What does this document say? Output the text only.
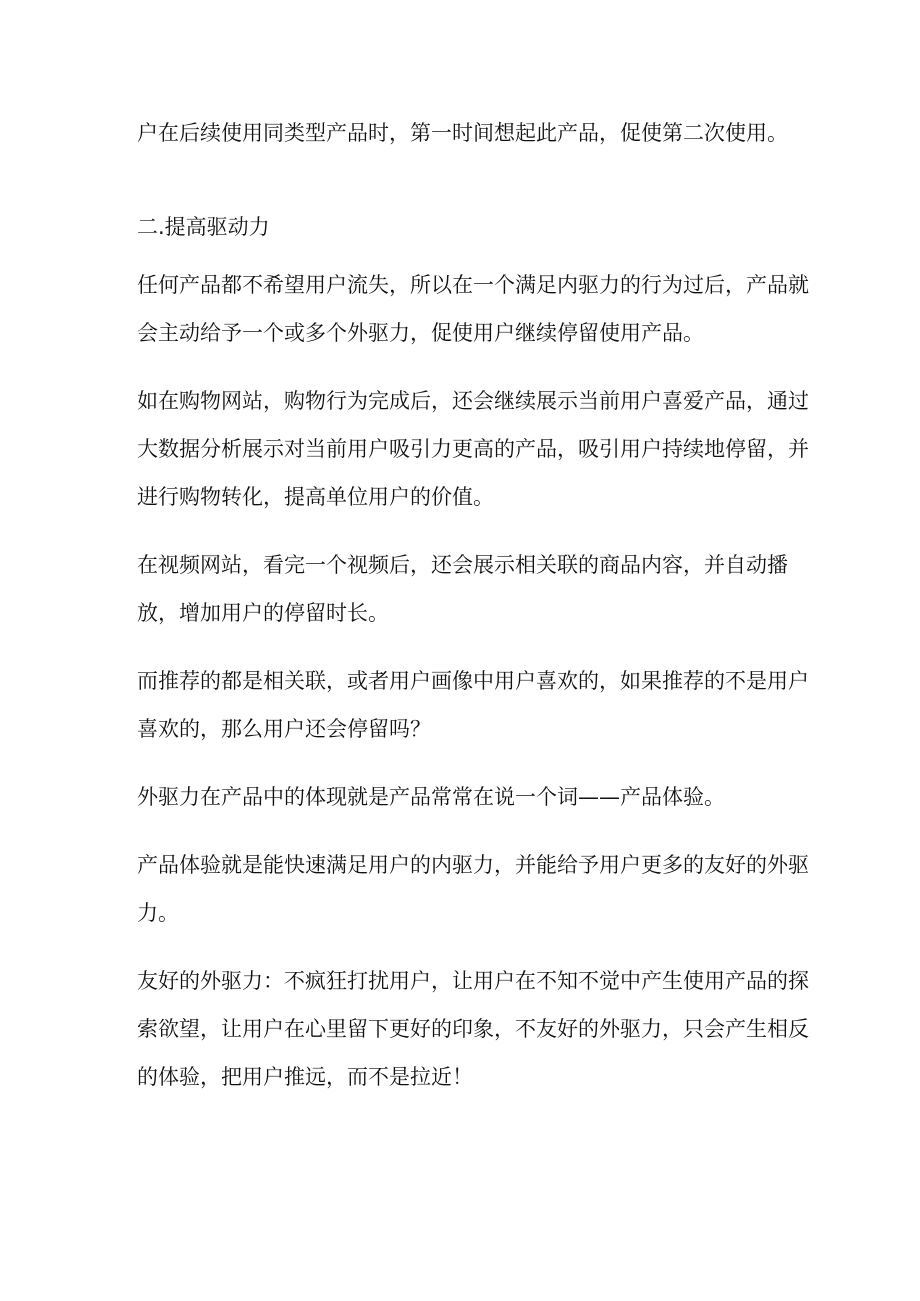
户在后续使用同类型产品时，第一时间想起此产品，促使第二次使用。
二.提高驱动力
任何产品都不希望用户流失，所以在一个满足内驱力的行为过后，产品就
会主动给予一个或多个外驱力，促使用户继续停留使用产品。
如在购物网站，购物行为完成后，还会继续展示当前用户喜爱产品，通过
大数据分析展示对当前用户吸引力更高的产品，吸引用户持续地停留，并
进行购物转化，提高单位用户的价值。
在视频网站，看完一个视频后，还会展示相关联的商品内容，并自动播
放，增加用户的停留时长。
而推荐的都是相关联，或者用户画像中用户喜欢的，如果推荐的不是用户
喜欢的，那么用户还会停留吗？
外驱力在产品中的体现就是产品常常在说一个词——产品体验。
产品体验就是能快速满足用户的内驱力，并能给予用户更多的友好的外驱
力。
友好的外驱力：不疯狂打扰用户，让用户在不知不觉中产生使用产品的探
索欲望，让用户在心里留下更好的印象，不友好的外驱力，只会产生相反
的体验，把用户推远，而不是拉近！
